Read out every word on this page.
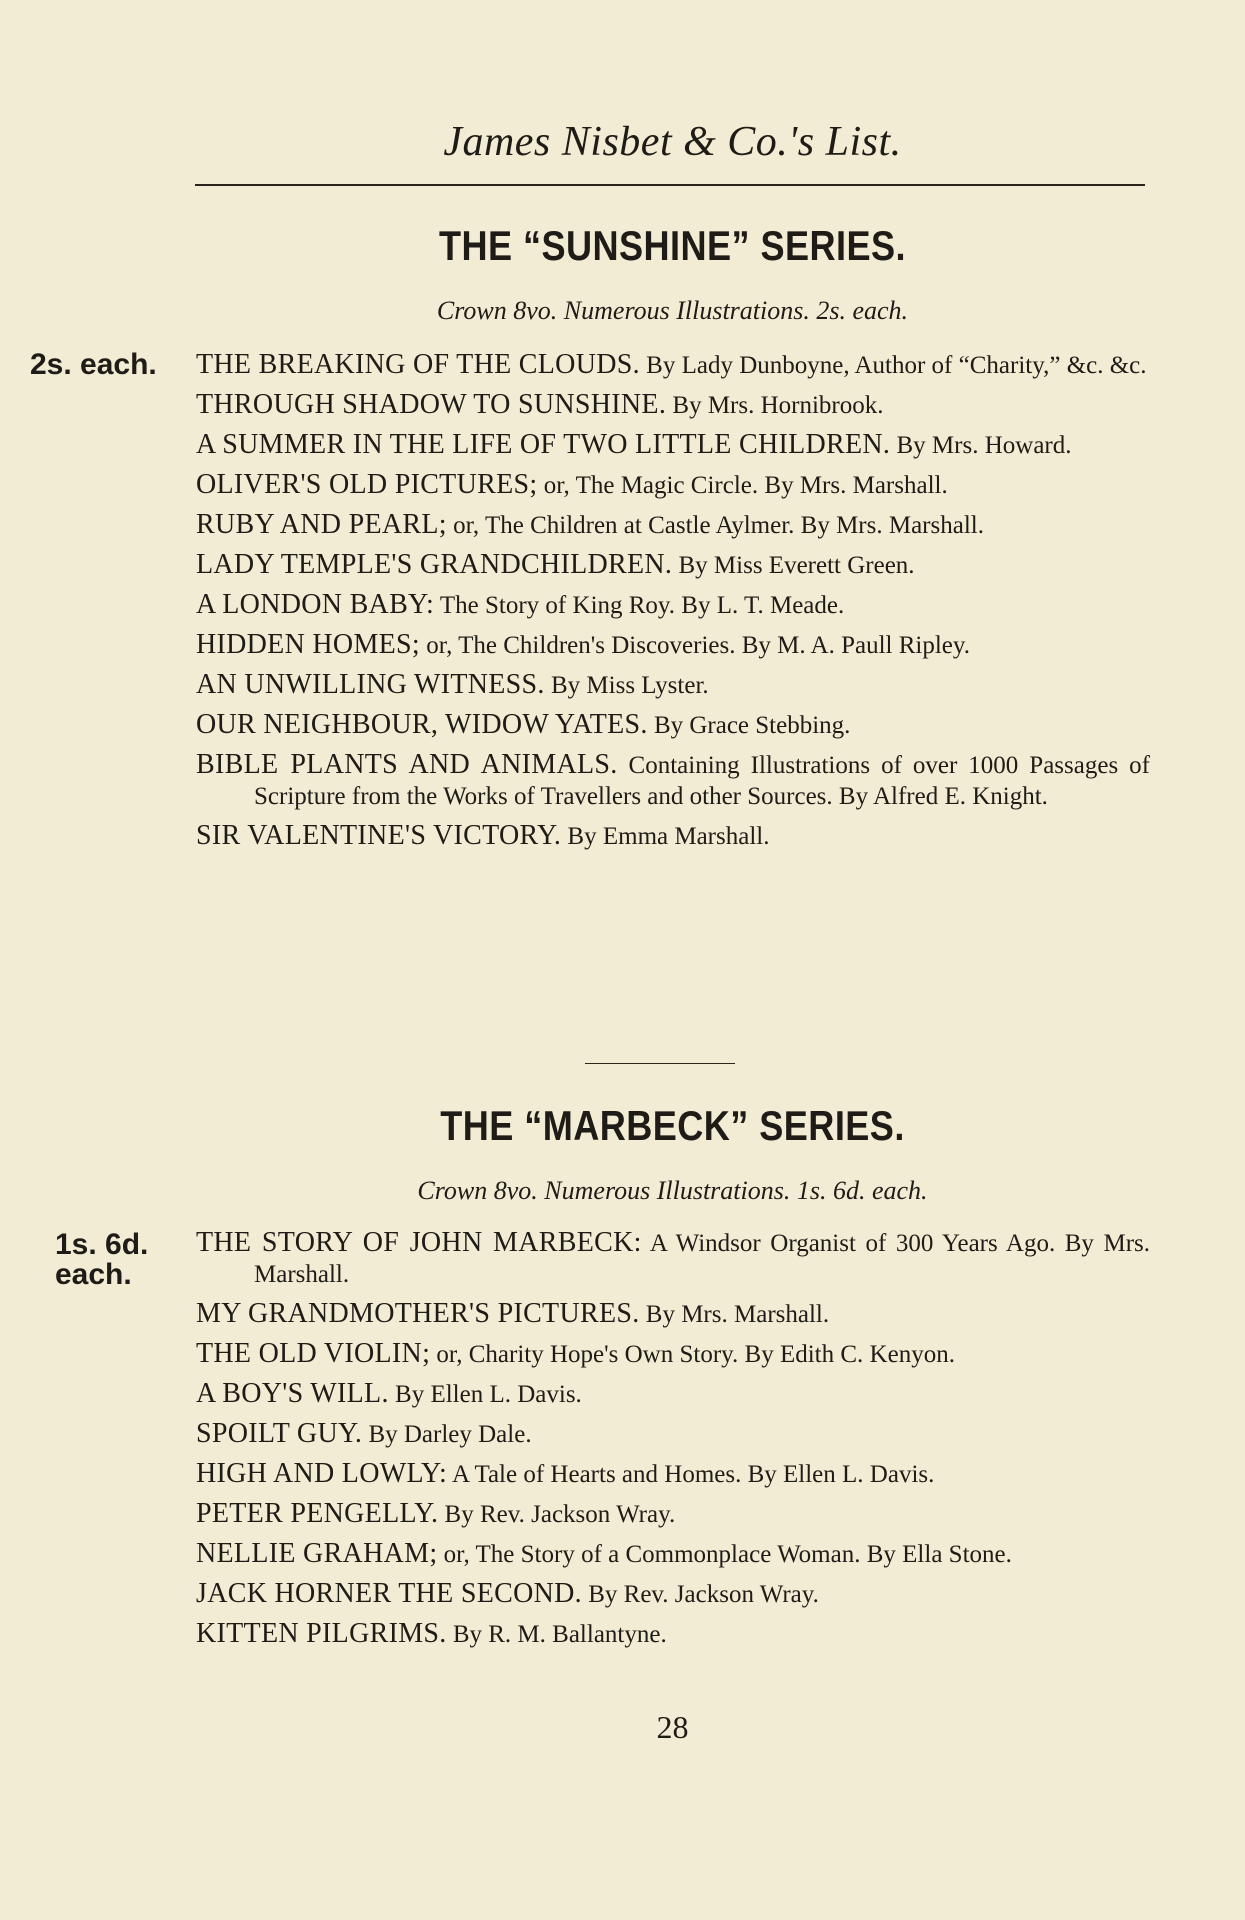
James Nisbet & Co.'s List.
THE “SUNSHINE” SERIES.
Crown 8vo. Numerous Illustrations. 2s. each.
2s. each. THE BREAKING OF THE CLOUDS. By Lady Dunboyne, Author of “Charity,” &c. &c.
THROUGH SHADOW TO SUNSHINE. By Mrs. Hornibrook.
A SUMMER IN THE LIFE OF TWO LITTLE CHILDREN. By Mrs. Howard.
OLIVER'S OLD PICTURES; or, The Magic Circle. By Mrs. Marshall.
RUBY AND PEARL; or, The Children at Castle Aylmer. By Mrs. Marshall.
LADY TEMPLE'S GRANDCHILDREN. By Miss Everett Green.
A LONDON BABY: The Story of King Roy. By L. T. Meade.
HIDDEN HOMES; or, The Children's Discoveries. By M. A. Paull Ripley.
AN UNWILLING WITNESS. By Miss Lyster.
OUR NEIGHBOUR, WIDOW YATES. By Grace Stebbing.
BIBLE PLANTS AND ANIMALS. Containing Illustrations of over 1000 Passages of Scripture from the Works of Travellers and other Sources. By Alfred E. Knight.
SIR VALENTINE'S VICTORY. By Emma Marshall.
THE “MARBECK” SERIES.
Crown 8vo. Numerous Illustrations. 1s. 6d. each.
1s. 6d.
each.
THE STORY OF JOHN MARBECK: A Windsor Organist of 300 Years Ago. By Mrs. Marshall.
MY GRANDMOTHER'S PICTURES. By Mrs. Marshall.
THE OLD VIOLIN; or, Charity Hope's Own Story. By Edith C. Kenyon.
A BOY'S WILL. By Ellen L. Davis.
SPOILT GUY. By Darley Dale.
HIGH AND LOWLY: A Tale of Hearts and Homes. By Ellen L. Davis.
PETER PENGELLY. By Rev. Jackson Wray.
NELLIE GRAHAM; or, The Story of a Commonplace Woman. By Ella Stone.
JACK HORNER THE SECOND. By Rev. Jackson Wray.
KITTEN PILGRIMS. By R. M. Ballantyne.
28
